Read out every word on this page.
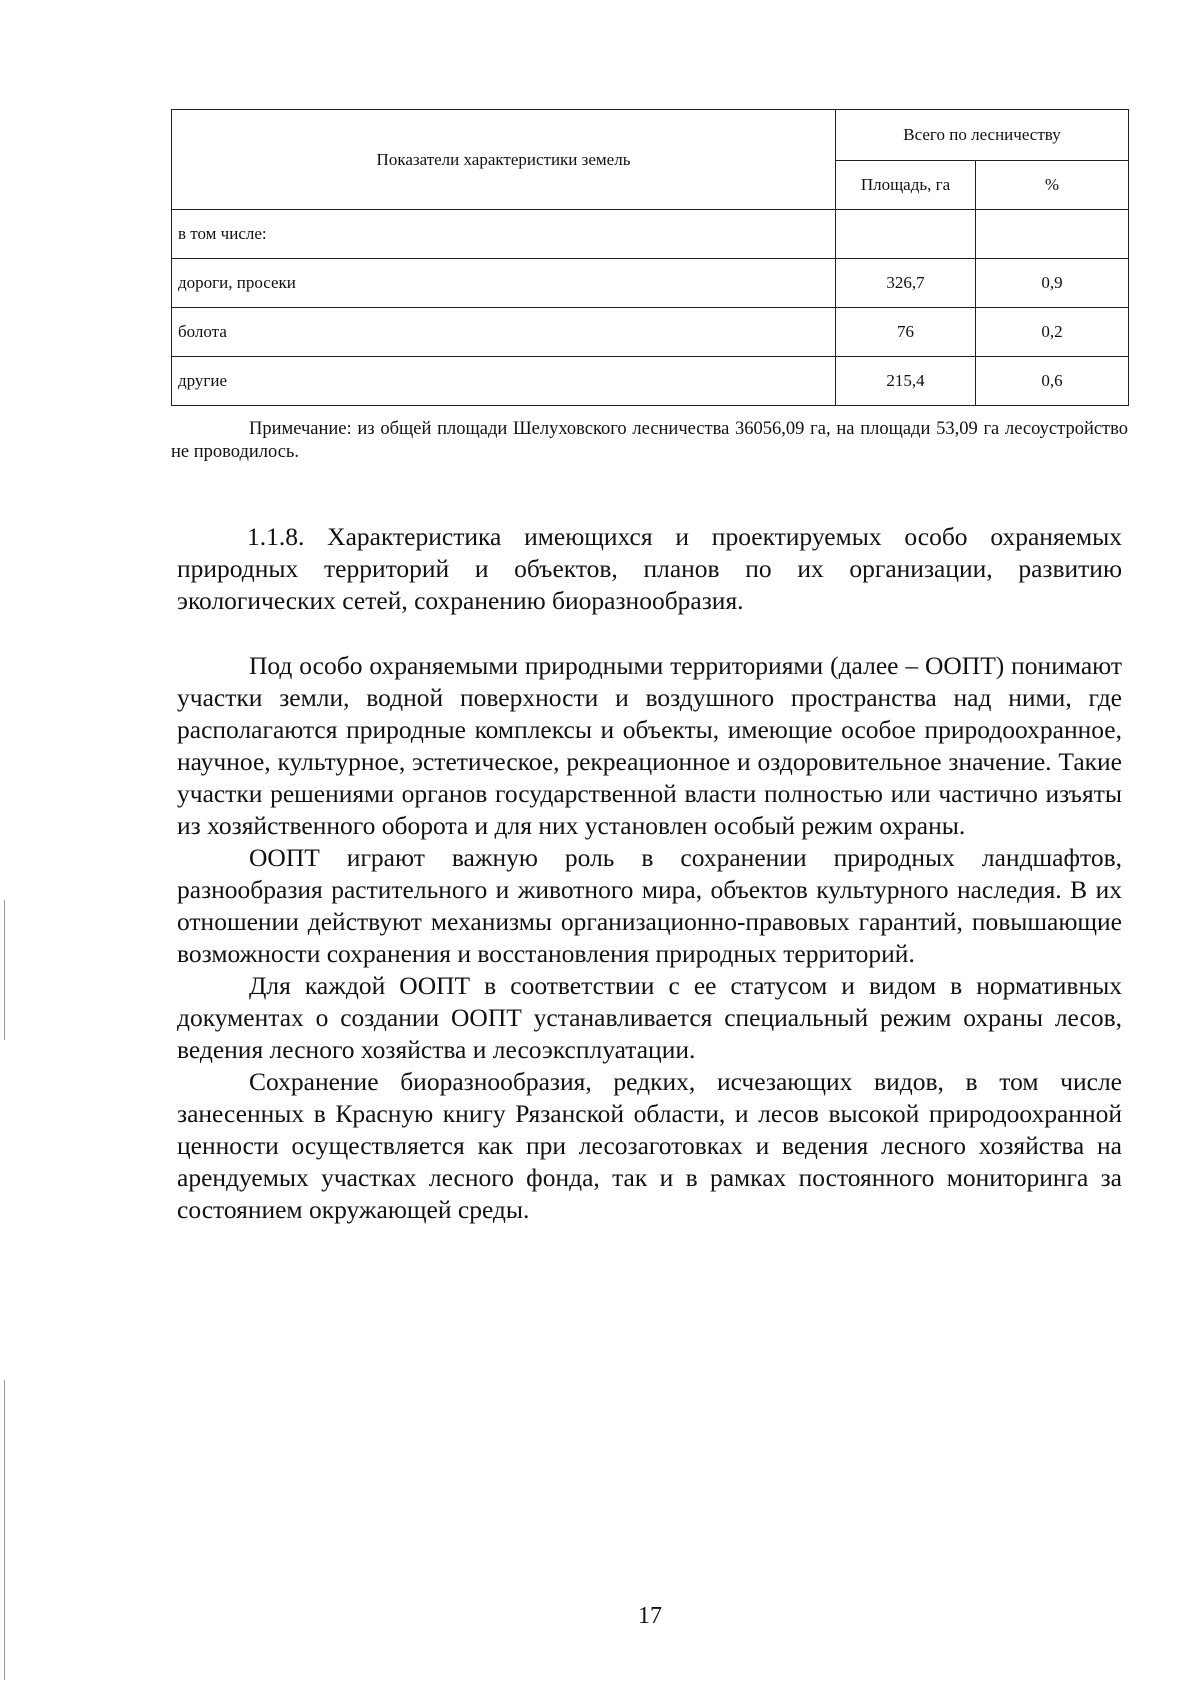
Показатели характеристики земель	Всего по лесничеству	
	Площадь, га	%
в том числе:		
дороги, просеки	326,7	0,9
болота	76	0,2
другие	215,4	0,6
Примечание: из общей площади Шелуховского лесничества 36056,09 га, на площади 53,09 га лесоустройство не проводилось.
1.1.8. Характеристика имеющихся и проектируемых особо охраняемых природных территорий и объектов, планов по их организации, развитию экологических сетей, сохранению биоразнообразия.

Под особо охраняемыми природными территориями (далее – ООПТ) понимают участки земли, водной поверхности и воздушного пространства над ними, где располагаются природные комплексы и объекты, имеющие особое природоохранное, научное, культурное, эстетическое, рекреационное и оздоровительное значение. Такие участки решениями органов государственной власти полностью или частично изъяты из хозяйственного оборота и для них установлен особый режим охраны.

ООПТ играют важную роль в сохранении природных ландшафтов, разнообразия растительного и животного мира, объектов культурного наследия. В их отношении действуют механизмы организационно-правовых гарантий, повышающие возможности сохранения и восстановления природных территорий.

Для каждой ООПТ в соответствии с ее статусом и видом в нормативных документах о создании ООПТ устанавливается специальный режим охраны лесов, ведения лесного хозяйства и лесоэксплуатации.

Сохранение биоразнообразия, редких, исчезающих видов, в том числе занесенных в Красную книгу Рязанской области, и лесов высокой природоохранной ценности осуществляется как при лесозаготовках и ведения лесного хозяйства на арендуемых участках лесного фонда, так и в рамках постоянного мониторинга за состоянием окружающей среды.

17
